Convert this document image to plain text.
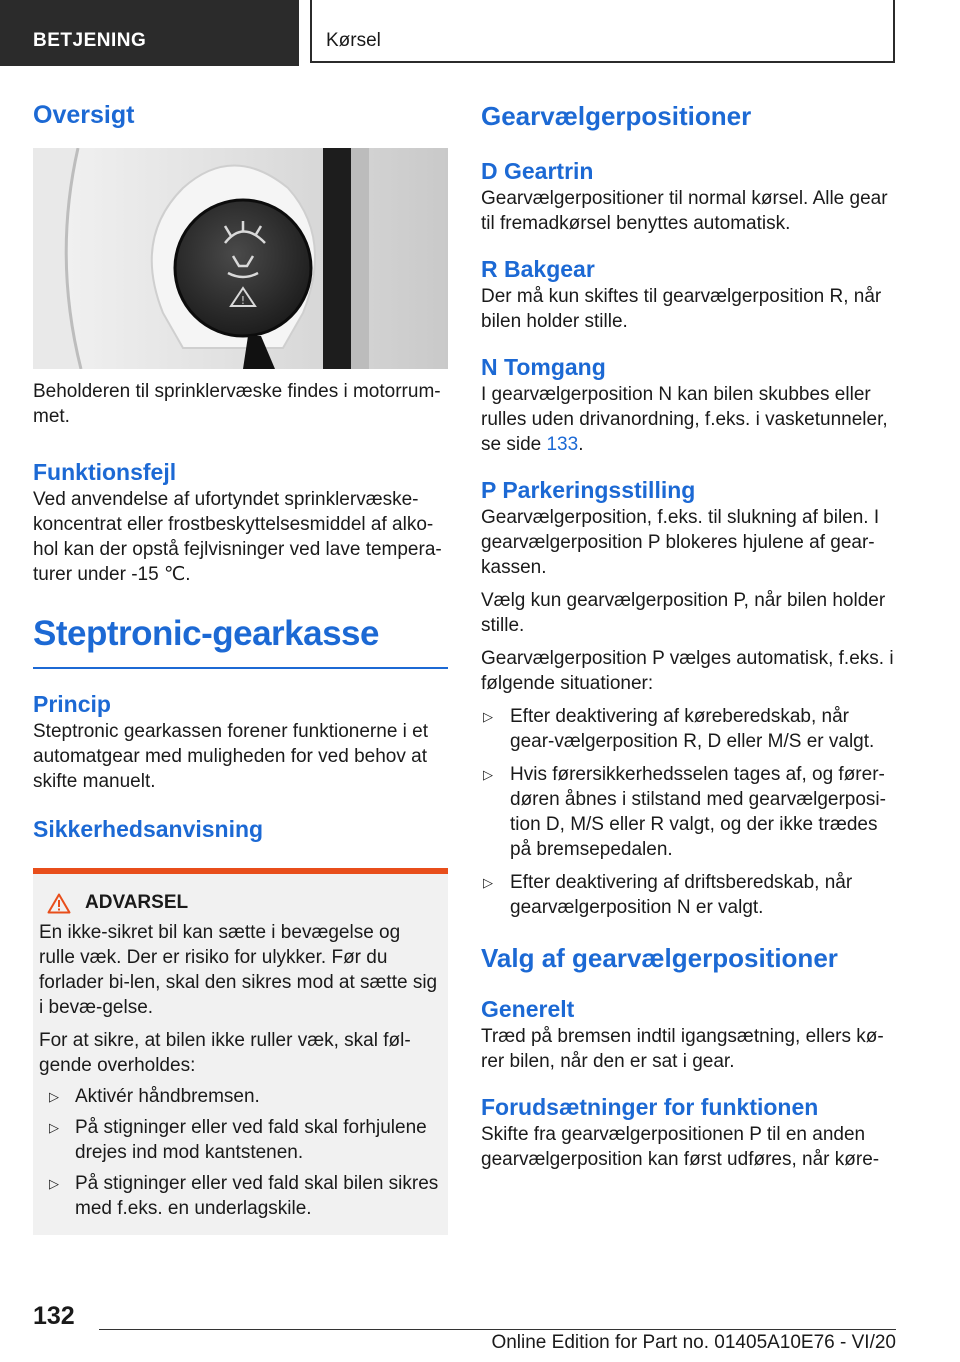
BETJENING	Kørsel
Oversigt
!

Beholderen til sprinklervæske findes i motorrum-met.

Funktionsfejl

Ved anvendelse af ufortyndet sprinklervæske-koncentrat eller frostbeskyttelsesmiddel af alko-hol kan der opstå fejlvisninger ved lave tempera-turer under -15 ℃.

Steptronic-gearkasse
Princip

Steptronic gearkassen forener funktionerne i et automatgear med muligheden for ved behov at skifte manuelt.

Sikkerhedsanvisning
ADVARSEL

En ikke-sikret bil kan sætte i bevægelse og rulle væk. Der er risiko for ulykker. Før du forlader bi-len, skal den sikres mod at sætte sig i bevæ-gelse.

For at sikre, at bilen ikke ruller væk, skal føl-gende overholdes:

▷ Aktivér håndbremsen.
▷ På stigninger eller ved fald skal forhjulene drejes ind mod kantstenen.
▷ På stigninger eller ved fald skal bilen sikres med f.eks. en underlagskile.
Gearvælgerpositioner
D Geartrin

Gearvælgerpositioner til normal kørsel. Alle gear til fremadkørsel benyttes automatisk.

R Bakgear

Der må kun skiftes til gearvælgerposition R, når bilen holder stille.

N Tomgang

I gearvælgerposition N kan bilen skubbes eller rulles uden drivanordning, f.eks. i vasketunneler, se side 133.

P Parkeringsstilling

Gearvælgerposition, f.eks. til slukning af bilen. I gearvælgerposition P blokeres hjulene af gear-kassen.

Vælg kun gearvælgerposition P, når bilen holder stille.

Gearvælgerposition P vælges automatisk, f.eks. i følgende situationer:

▷ Efter deaktivering af køreberedskab, når gear-vælgerposition R, D eller M/S er valgt.
▷ Hvis førersikkerhedsselen tages af, og fører-døren åbnes i stilstand med gearvælgerposi-tion D, M/S eller R valgt, og der ikke trædes på bremsepedalen.
▷ Efter deaktivering af driftsberedskab, når gearvælgerposition N er valgt.
Valg af gearvælgerpositioner
Generelt

Træd på bremsen indtil igangsætning, ellers kø-rer bilen, når den er sat i gear.

Forudsætninger for funktionen

Skifte fra gearvælgerpositionen P til en anden gearvælgerposition kan først udføres, når køre-

132
Online Edition for Part no. 01405A10E76 - VI/20
